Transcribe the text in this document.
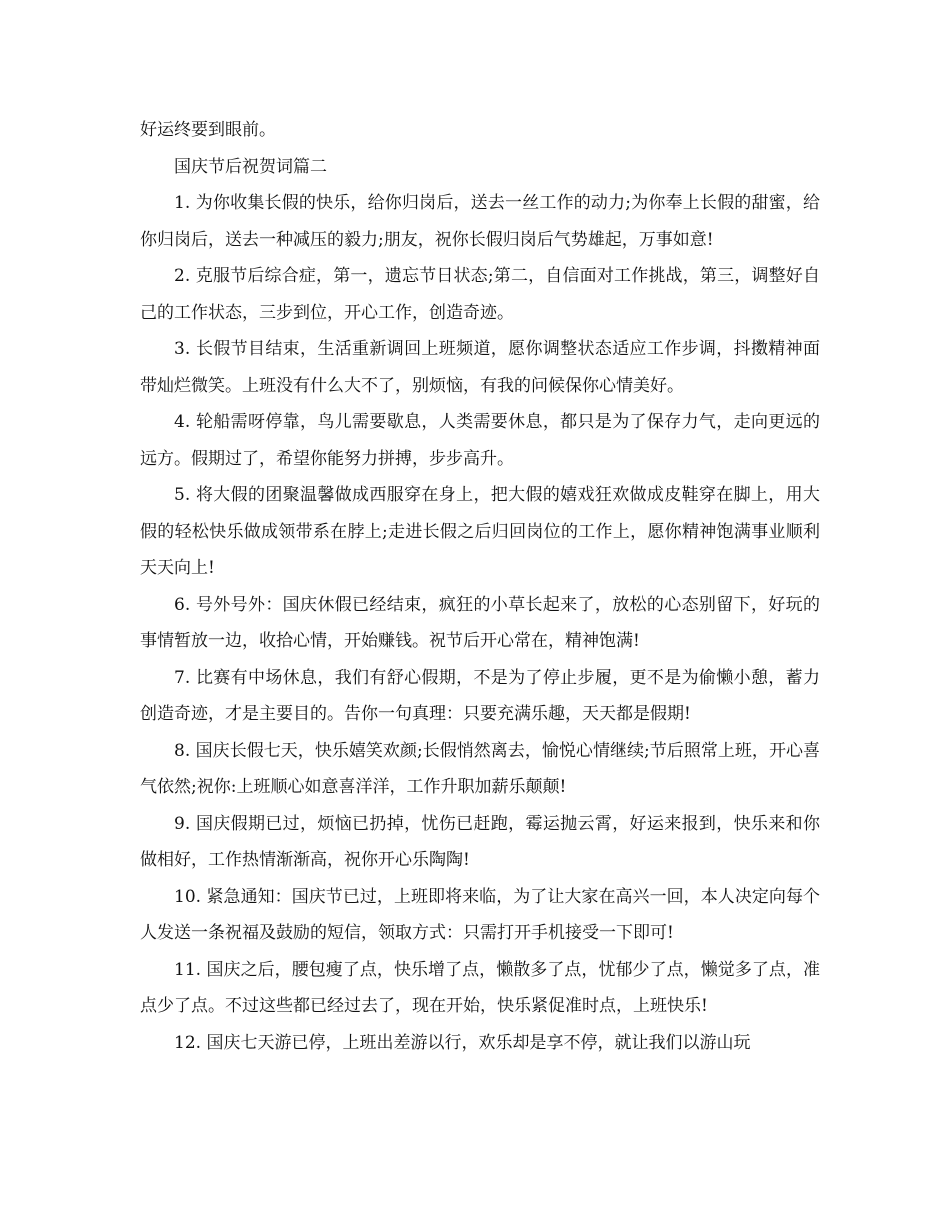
好运终要到眼前。

国庆节后祝贺词篇二

1. 为你收集长假的快乐，给你归岗后，送去一丝工作的动力;为你奉上长假的甜蜜，给你归岗后，送去一种减压的毅力;朋友，祝你长假归岗后气势雄起，万事如意!

2. 克服节后综合症，第一，遗忘节日状态;第二，自信面对工作挑战，第三，调整好自己的工作状态，三步到位，开心工作，创造奇迹。

3. 长假节目结束，生活重新调回上班频道，愿你调整状态适应工作步调，抖擞精神面带灿烂微笑。上班没有什么大不了，别烦恼，有我的问候保你心情美好。

4. 轮船需呀停靠，鸟儿需要歇息，人类需要休息，都只是为了保存力气，走向更远的远方。假期过了，希望你能努力拼搏，步步高升。

5. 将大假的团聚温馨做成西服穿在身上，把大假的嬉戏狂欢做成皮鞋穿在脚上，用大假的轻松快乐做成领带系在脖上;走进长假之后归回岗位的工作上，愿你精神饱满事业顺利天天向上!

6. 号外号外：国庆休假已经结束，疯狂的小草长起来了，放松的心态别留下，好玩的事情暂放一边，收拾心情，开始赚钱。祝节后开心常在，精神饱满!

7. 比赛有中场休息，我们有舒心假期，不是为了停止步履，更不是为偷懒小憩，蓄力创造奇迹，才是主要目的。告你一句真理：只要充满乐趣，天天都是假期!

8. 国庆长假七天，快乐嬉笑欢颜;长假悄然离去，愉悦心情继续;节后照常上班，开心喜气依然;祝你:上班顺心如意喜洋洋，工作升职加薪乐颠颠!

9. 国庆假期已过，烦恼已扔掉，忧伤已赶跑，霉运抛云霄，好运来报到，快乐来和你做相好，工作热情渐渐高，祝你开心乐陶陶!

10. 紧急通知：国庆节已过，上班即将来临，为了让大家在高兴一回，本人决定向每个人发送一条祝福及鼓励的短信，领取方式：只需打开手机接受一下即可!

11. 国庆之后，腰包瘦了点，快乐增了点，懒散多了点，忧郁少了点，懒觉多了点，准点少了点。不过这些都已经过去了，现在开始，快乐紧促准时点，上班快乐!

12. 国庆七天游已停，上班出差游以行，欢乐却是享不停，就让我们以游山玩
